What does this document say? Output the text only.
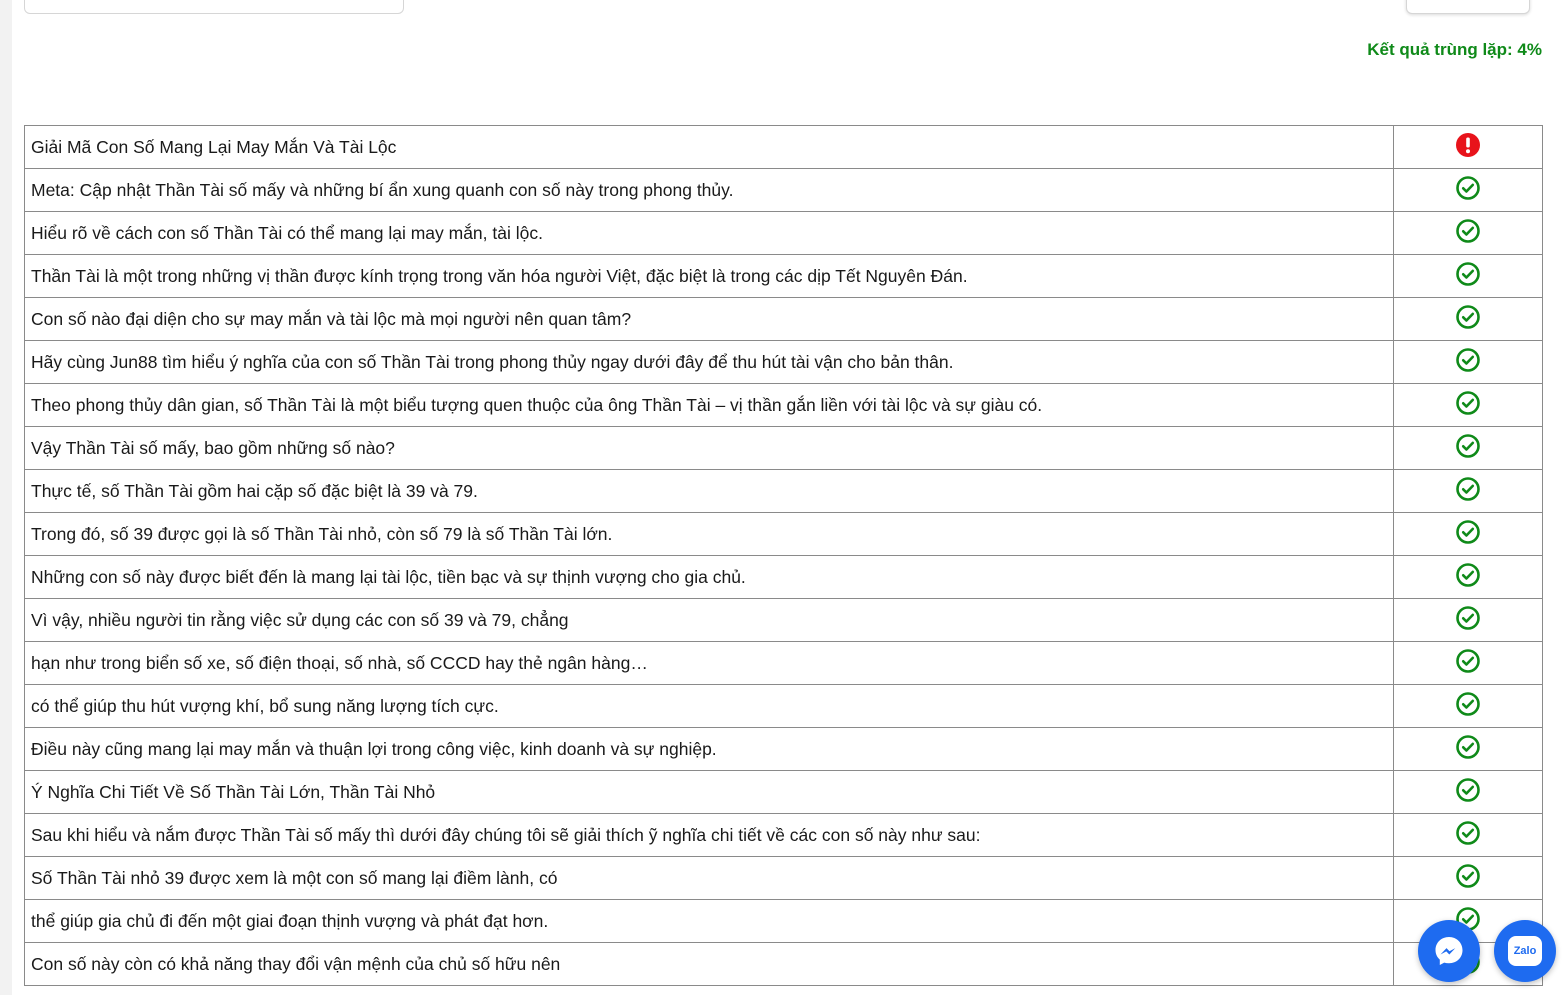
Kết quả trùng lặp: 4%
Giải Mã Con Số Mang Lại May Mắn Và Tài Lộc	
Meta: Cập nhật Thần Tài số mấy và những bí ẩn xung quanh con số này trong phong thủy.	
Hiểu rõ về cách con số Thần Tài có thể mang lại may mắn, tài lộc.	
Thần Tài là một trong những vị thần được kính trọng trong văn hóa người Việt, đặc biệt là trong các dịp Tết Nguyên Đán.	
Con số nào đại diện cho sự may mắn và tài lộc mà mọi người nên quan tâm?	
Hãy cùng Jun88 tìm hiểu ý nghĩa của con số Thần Tài trong phong thủy ngay dưới đây để thu hút tài vận cho bản thân.	
Theo phong thủy dân gian, số Thần Tài là một biểu tượng quen thuộc của ông Thần Tài – vị thần gắn liền với tài lộc và sự giàu có.	
Vậy Thần Tài số mấy, bao gồm những số nào?	
Thực tế, số Thần Tài gồm hai cặp số đặc biệt là 39 và 79.	
Trong đó, số 39 được gọi là số Thần Tài nhỏ, còn số 79 là số Thần Tài lớn.	
Những con số này được biết đến là mang lại tài lộc, tiền bạc và sự thịnh vượng cho gia chủ.	
Vì vậy, nhiều người tin rằng việc sử dụng các con số 39 và 79, chẳng	
hạn như trong biển số xe, số điện thoại, số nhà, số CCCD hay thẻ ngân hàng…	
có thể giúp thu hút vượng khí, bổ sung năng lượng tích cực.	
Điều này cũng mang lại may mắn và thuận lợi trong công việc, kinh doanh và sự nghiệp.	
Ý Nghĩa Chi Tiết Về Số Thần Tài Lớn, Thần Tài Nhỏ	
Sau khi hiểu và nắm được Thần Tài số mấy thì dưới đây chúng tôi sẽ giải thích ỹ nghĩa chi tiết về các con số này như sau:	
Số Thần Tài nhỏ 39 được xem là một con số mang lại điềm lành, có	
thể giúp gia chủ đi đến một giai đoạn thịnh vượng và phát đạt hơn.	
Con số này còn có khả năng thay đổi vận mệnh của chủ số hữu nên	
Zalo
